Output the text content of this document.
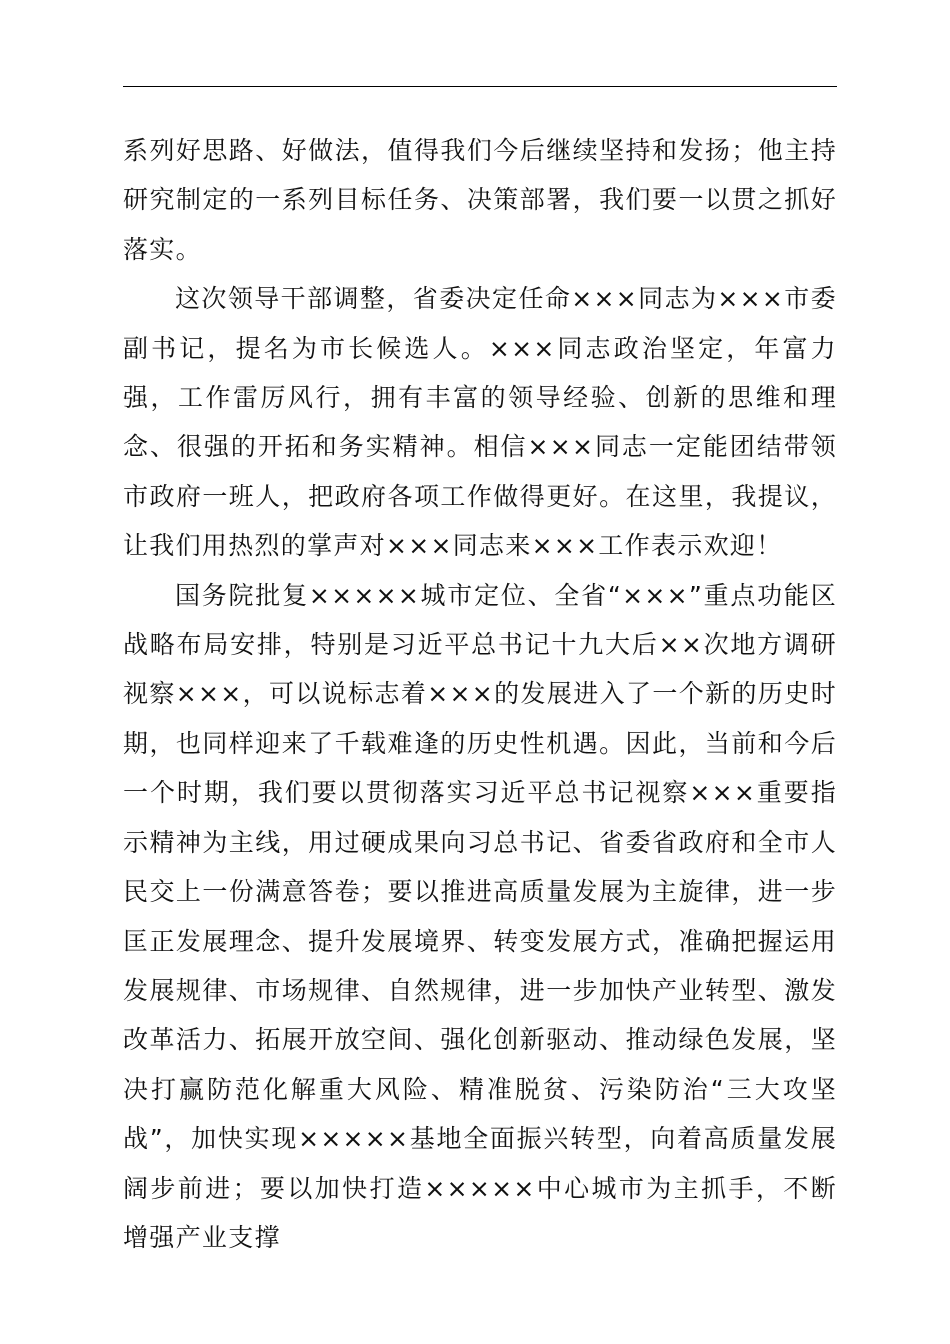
系列好思路、好做法，值得我们今后继续坚持和发扬；他主持研究制定的一系列目标任务、决策部署，我们要一以贯之抓好落实。

这次领导干部调整，省委决定任命×××同志为×××市委副书记，提名为市长候选人。×××同志政治坚定，年富力强，工作雷厉风行，拥有丰富的领导经验、创新的思维和理念、很强的开拓和务实精神。相信×××同志一定能团结带领市政府一班人，把政府各项工作做得更好。在这里，我提议，让我们用热烈的掌声对×××同志来×××工作表示欢迎！

国务院批复×××××城市定位、全省“×××”重点功能区战略布局安排，特别是习近平总书记十九大后××次地方调研视察×××，可以说标志着×××的发展进入了一个新的历史时期，也同样迎来了千载难逢的历史性机遇。因此，当前和今后一个时期，我们要以贯彻落实习近平总书记视察×××重要指示精神为主线，用过硬成果向习总书记、省委省政府和全市人民交上一份满意答卷；要以推进高质量发展为主旋律，进一步匡正发展理念、提升发展境界、转变发展方式，准确把握运用发展规律、市场规律、自然规律，进一步加快产业转型、激发改革活力、拓展开放空间、强化创新驱动、推动绿色发展，坚决打赢防范化解重大风险、精准脱贫、污染防治“三大攻坚战”，加快实现×××××基地全面振兴转型，向着高质量发展阔步前进；要以加快打造×××××中心城市为主抓手，不断增强产业支撑
